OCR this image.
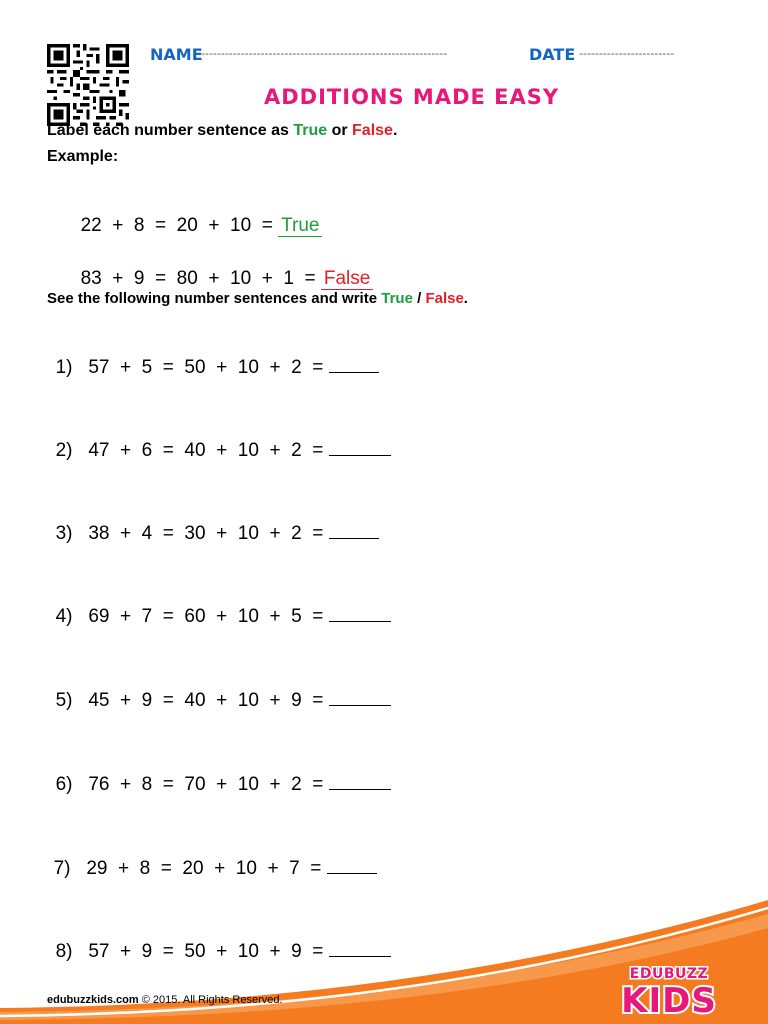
NAME
--------------------------------------------------------------	DATE ------------------------
ADDITIONS MADE EASY
Label each number sentence as True or False.
Example:

22  +  8  =  20  +  10  = True

83  +  9  =  80  +  10  +  1  = False

See the following number sentences and write True / False.

1) 57  +  5  =  50  +  10  +  2  =

2) 47  +  6  =  40  +  10  +  2  =

3) 38  +  4  =  30  +  10  +  2  =

4) 69  +  7  =  60  +  10  +  5  =

5) 45  +  9  =  40  +  10  +  9  =

6) 76  +  8  =  70  +  10  +  2  =

7) 29  +  8  =  20  +  10  +  7  =

8) 57  +  9  =  50  +  10  +  9  =

edubuzzkids.com © 2015. All Rights Reserved.
EDUBUZZ
KIDS
